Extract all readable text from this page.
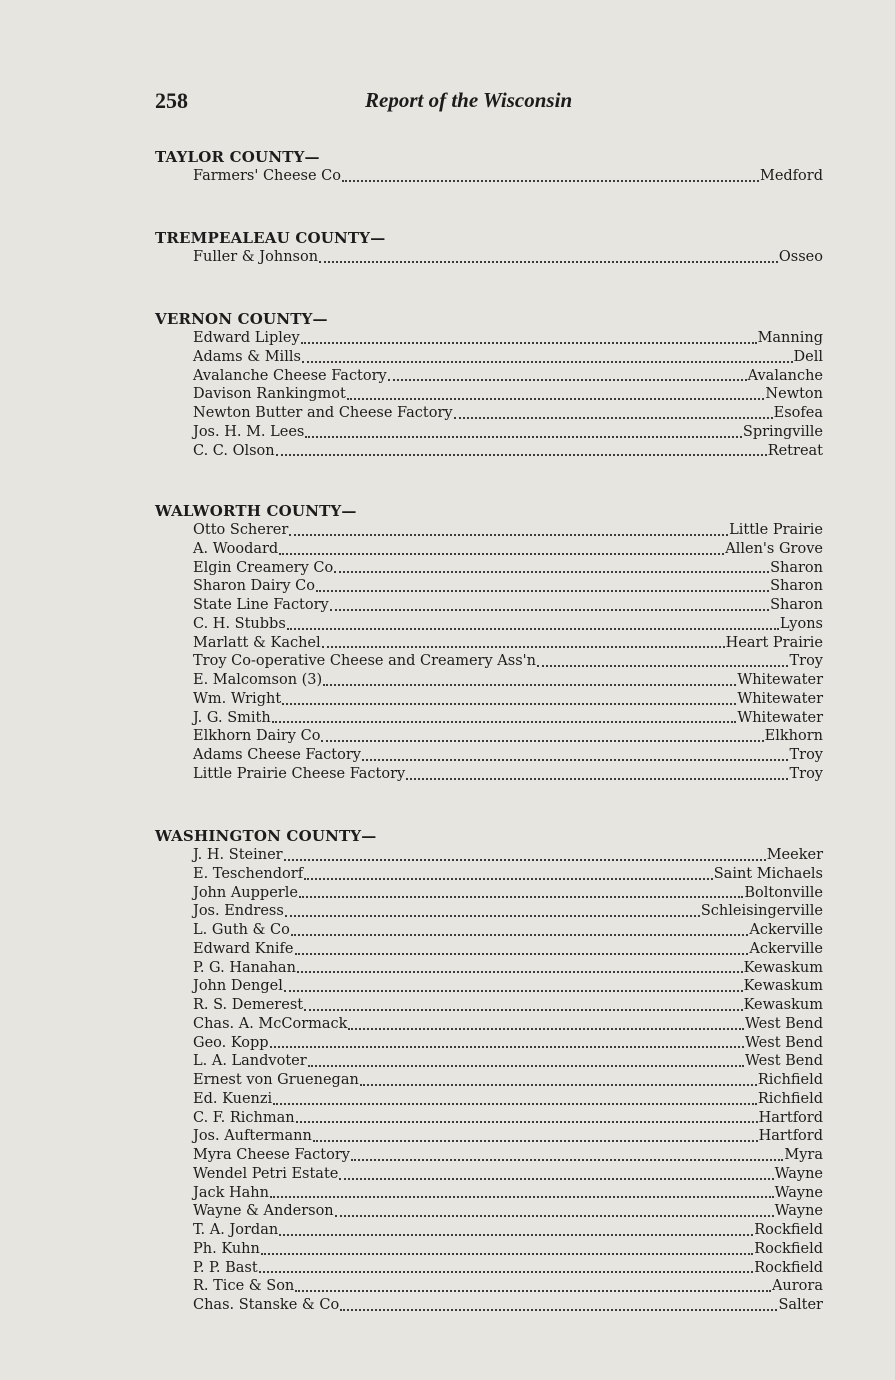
258	Report of the Wisconsin
TAYLOR COUNTY—
Farmers' Cheese Co	Medford
TREMPEALEAU COUNTY—
Fuller & Johnson	Osseo
VERNON COUNTY—
Edward Lipley	Manning
Adams & Mills	Dell
Avalanche Cheese Factory	Avalanche
Davison Rankingmot	Newton
Newton Butter and Cheese Factory	Esofea
Jos. H. M. Lees	Springville
C. C. Olson	Retreat
WALWORTH COUNTY—
Otto Scherer	Little Prairie
A. Woodard	Allen's Grove
Elgin Creamery Co	Sharon
Sharon Dairy Co	Sharon
State Line Factory	Sharon
C. H. Stubbs	Lyons
Marlatt & Kachel	Heart Prairie
Troy Co-operative Cheese and Creamery Ass'n	Troy
E. Malcomson (3)	Whitewater
Wm. Wright	Whitewater
J. G. Smith	Whitewater
Elkhorn Dairy Co	Elkhorn
Adams Cheese Factory	Troy
Little Prairie Cheese Factory	Troy
WASHINGTON COUNTY—
J. H. Steiner	Meeker
E. Teschendorf	Saint Michaels
John Aupperle	Boltonville
Jos. Endress	Schleisingerville
L. Guth & Co	Ackerville
Edward Knife	Ackerville
P. G. Hanahan	Kewaskum
John Dengel	Kewaskum
R. S. Demerest	Kewaskum
Chas. A. McCormack	West Bend
Geo. Kopp	West Bend
L. A. Landvoter	West Bend
Ernest von Gruenegan	Richfield
Ed. Kuenzi	Richfield
C. F. Richman	Hartford
Jos. Auftermann	Hartford
Myra Cheese Factory	Myra
Wendel Petri Estate	Wayne
Jack Hahn	Wayne
Wayne & Anderson	Wayne
T. A. Jordan	Rockfield
Ph. Kuhn	Rockfield
P. P. Bast	Rockfield
R. Tice & Son	Aurora
Chas. Stanske & Co	Salter
